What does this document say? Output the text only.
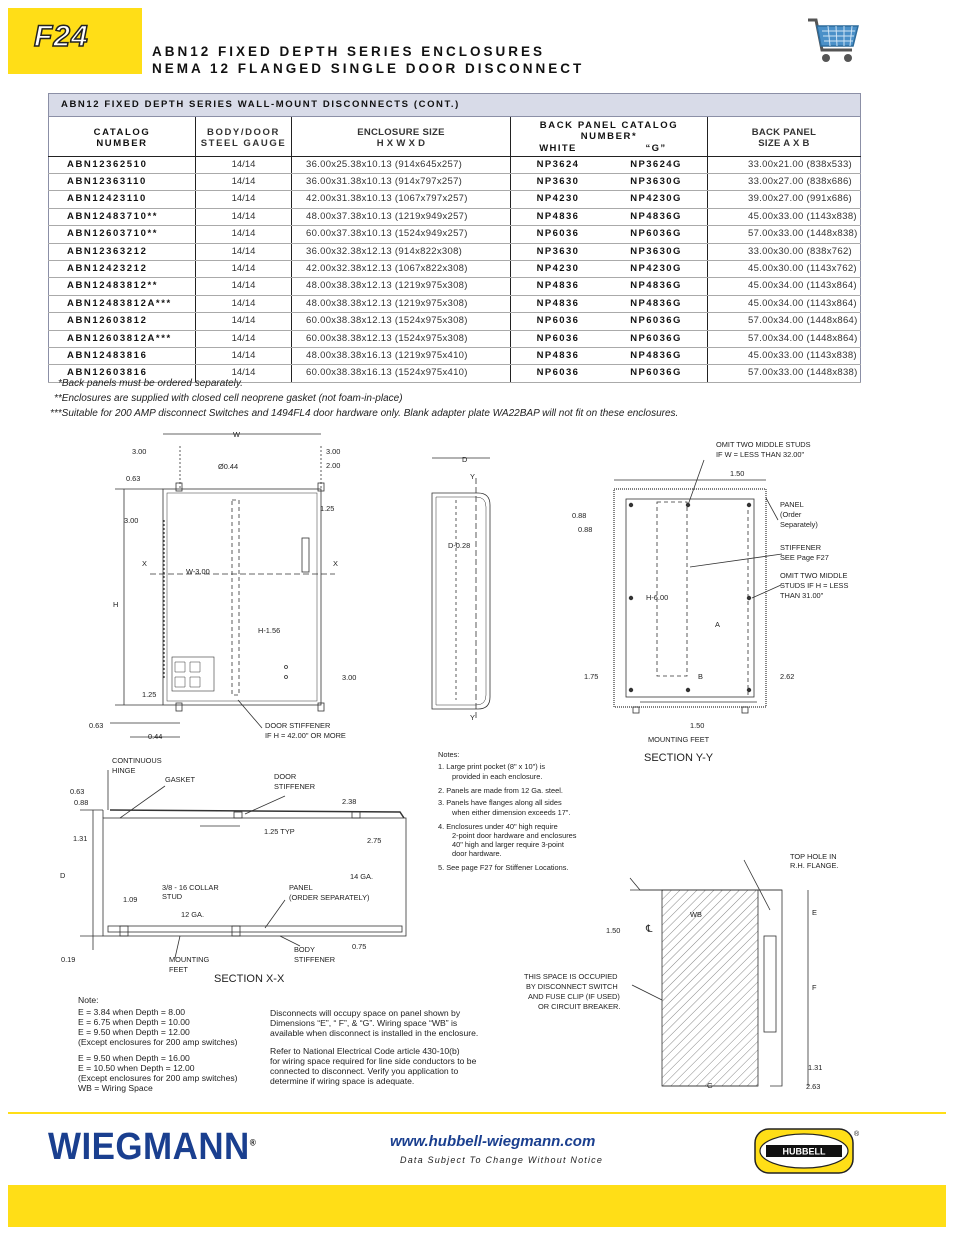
F24	ABN12 FIXED DEPTH SERIES ENCLOSURES
NEMA 12 FLANGED SINGLE DOOR DISCONNECT
ABN12 FIXED DEPTH SERIES WALL-MOUNT DISCONNECTS (CONT.)
CATALOG
NUMBER	BODY/DOOR
STEEL GAUGE	ENCLOSURE SIZE
H X W X D	BACK PANEL CATALOG NUMBER*		BACK PANEL
SIZE A X B
			WHITE	“G”	
ABN12362510	14/14	36.00x25.38x10.13 (914x645x257)	NP3624	NP3624G	33.00x21.00 (838x533)
ABN12363110	14/14	36.00x31.38x10.13 (914x797x257)	NP3630	NP3630G	33.00x27.00 (838x686)
ABN12423110	14/14	42.00x31.38x10.13 (1067x797x257)	NP4230	NP4230G	39.00x27.00 (991x686)
ABN12483710**	14/14	48.00x37.38x10.13 (1219x949x257)	NP4836	NP4836G	45.00x33.00 (1143x838)
ABN12603710**	14/14	60.00x37.38x10.13 (1524x949x257)	NP6036	NP6036G	57.00x33.00 (1448x838)
ABN12363212	14/14	36.00x32.38x12.13 (914x822x308)	NP3630	NP3630G	33.00x30.00 (838x762)
ABN12423212	14/14	42.00x32.38x12.13 (1067x822x308)	NP4230	NP4230G	45.00x30.00 (1143x762)
ABN12483812**	14/14	48.00x38.38x12.13 (1219x975x308)	NP4836	NP4836G	45.00x34.00 (1143x864)
ABN12483812A***	14/14	48.00x38.38x12.13 (1219x975x308)	NP4836	NP4836G	45.00x34.00 (1143x864)
ABN12603812	14/14	60.00x38.38x12.13 (1524x975x308)	NP6036	NP6036G	57.00x34.00 (1448x864)
ABN12603812A***	14/14	60.00x38.38x12.13 (1524x975x308)	NP6036	NP6036G	57.00x34.00 (1448x864)
ABN12483816	14/14	48.00x38.38x16.13 (1219x975x410)	NP4836	NP4836G	45.00x33.00 (1143x838)
ABN12603816	14/14	60.00x38.38x16.13 (1524x975x410)	NP6036	NP6036G	57.00x33.00 (1448x838)
*Back panels must be ordered separately.
**Enclosures are supplied with closed cell neoprene gasket (not foam-in-place)
***Suitable for 200 AMP disconnect Switches and 1494FL4 door hardware only. Blank adapter plate WA22BAP will not fit on these enclosures.
W
3.00
0.63
Ø0.44
3.00
2.00
3.00
1.25
X	X
W-3.00
H
H-1.56
3.00
1.25
0.63
0.44
DOOR STIFFENER
IF H = 42.00" OR MORE
D
Y
D-0.28
Y
OMIT TWO MIDDLE STUDS
IF W = LESS THAN 32.00"
1.50
0.88
0.88
PANEL
(Order
Separately)
STIFFENER
SEE Page F27
OMIT TWO MIDDLE
STUDS IF H = LESS
THAN 31.00"
H-6.00
A
1.75	B	2.62
1.50
MOUNTING FEET
SECTION Y-Y
Notes:
1. Large print pocket (8" x 10") is
provided in each enclosure.
2. Panels are made from 12 Ga. steel.
3. Panels have flanges along all sides
when either dimension exceeds 17".
4. Enclosures under 40" high require
2-point door hardware and enclosures
40" high and larger require 3-point
door hardware.
5. See page F27 for Stiffener Locations.
CONTINUOUS
HINGE
GASKET	DOOR
STIFFENER
0.63
0.88	2.38
1.25 TYP
1.31	2.75
D	14 GA.
3/8 - 16 COLLAR
STUD
1.09
PANEL
(ORDER SEPARATELY)
12 GA.
0.19
0.75
MOUNTING
FEET
BODY
STIFFENER
SECTION X-X
Note:
E = 3.84 when Depth = 8.00
E = 6.75 when Depth = 10.00
E = 9.50 when Depth = 12.00
(Except enclosures for 200 amp switches)
E = 9.50 when Depth = 16.00
E = 10.50 when Depth = 12.00
(Except enclosures for 200 amp switches)
WB = Wiring Space
Disconnects will occupy space on panel shown by
Dimensions “E”, “ F”, & “G”. Wiring space “WB” is
available when disconnect is installed in the enclosure.
Refer to National Electrical Code article 430-10(b)
for wiring space required for line side conductors to be
connected to disconnect. Verify you application to
determine if wiring space is adequate.
TOP HOLE IN
R.H. FLANGE.
WB
℄
1.50
E
F
THIS SPACE IS OCCUPIED
BY DISCONNECT SWITCH
AND FUSE CLIP (IF USED)
OR CIRCUIT BREAKER.
G
1.31
2.63
WIEGMANN®	www.hubbell-wiegmann.com
Data Subject To Change Without Notice
HUBBELL
®
